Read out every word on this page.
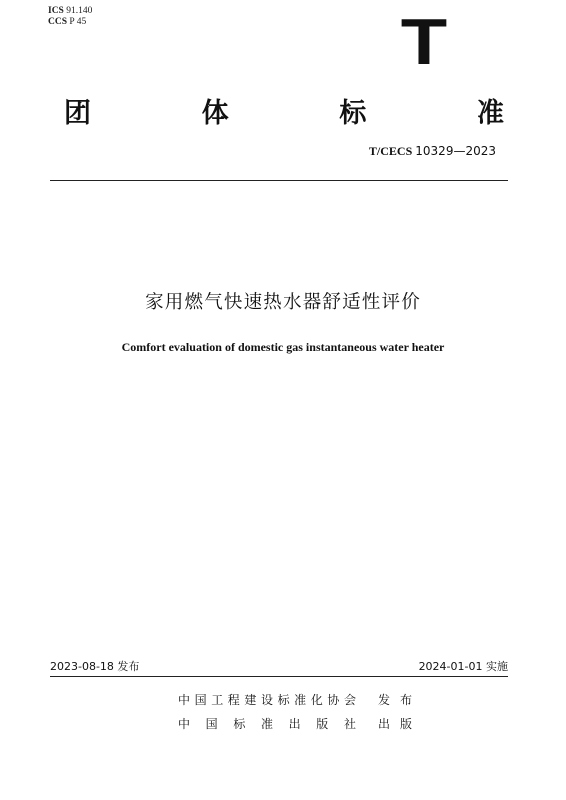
ICS 91.140
CCS P 45	T
团	体	标	准
T/CECS 10329—2023
家用燃气快速热水器舒适性评价
Comfort evaluation of domestic gas instantaneous water heater
2023-08-18 发布	2024-01-01 实施
中 国 工 程 建 设 标 准 化 协 会 发 布
中 国 标 准 出 版 社 出 版
